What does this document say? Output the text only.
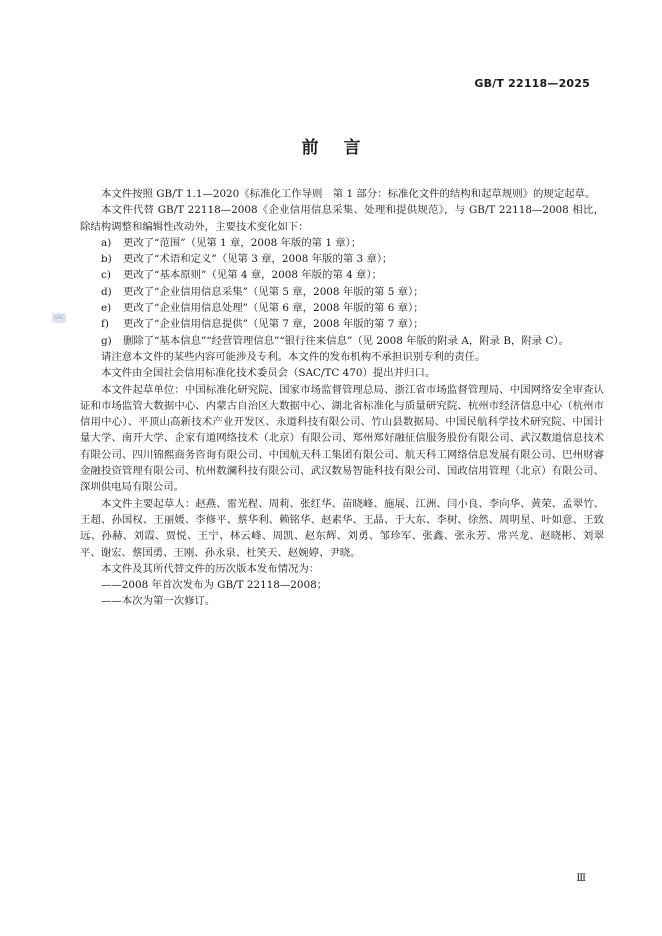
GB/T 22118—2025
前 言
SAC

本文件按照 GB/T 1.1—2020《标准化工作导则　第 1 部分：标准化文件的结构和起草规则》的规定起草。

本文件代替 GB/T 22118—2008《企业信用信息采集、处理和提供规范》，与 GB/T 22118—2008 相比，除结构调整和编辑性改动外，主要技术变化如下：

a) 更改了“范围”（见第 1 章，2008 年版的第 1 章）；

b) 更改了“术语和定义”（见第 3 章，2008 年版的第 3 章）；

c) 更改了“基本原则”（见第 4 章，2008 年版的第 4 章）；

d) 更改了“企业信用信息采集”（见第 5 章，2008 年版的第 5 章）；

e) 更改了“企业信用信息处理”（见第 6 章，2008 年版的第 6 章）；

f) 更改了“企业信用信息提供”（见第 7 章，2008 年版的第 7 章）；

g) 删除了“基本信息”“经营管理信息”“银行往来信息”（见 2008 年版的附录 A，附录 B，附录 C）。

请注意本文件的某些内容可能涉及专利。本文件的发布机构不承担识别专利的责任。

本文件由全国社会信用标准化技术委员会（SAC/TC 470）提出并归口。

本文件起草单位：中国标准化研究院、国家市场监督管理总局、浙江省市场监督管理局、中国网络安全审查认证和市场监管大数据中心、内蒙古自治区大数据中心、湖北省标准化与质量研究院、杭州市经济信息中心（杭州市信用中心）、平顶山高新技术产业开发区、永道科技有限公司、竹山县数据局、中国民航科学技术研究院、中国计量大学、南开大学、企家有道网络技术（北京）有限公司、郑州郑好融征信服务股份有限公司、武汉数道信息技术有限公司、四川锦熙商务咨询有限公司、中国航天科工集团有限公司、航天科工网络信息发展有限公司、巴州财睿金融投资管理有限公司、杭州数澜科技有限公司、武汉数易智能科技有限公司、国政信用管理（北京）有限公司、深圳供电局有限公司。

本文件主要起草人：赵燕、雷光程、周莉、张红华、苗晓峰、施展、江洲、闫小良、李向华、黄荣、孟翠竹、王超、孙国权、王丽媛、李修平、蔡华利、赖铭华、赵素华、王晶、于大东、李树、徐然、周明星、叶如意、王致远、孙赫、刘霞、贾悦、王宁、林云峰、周凯、赵东辉、刘勇、邹珍军、张鑫、张永芳、常兴龙、赵晓彬、刘翠平、谢宏、蔡国勇、王刚、孙永泉、杜笑天、赵婉婷、尹晓。

本文件及其所代替文件的历次版本发布情况为：

——2008 年首次发布为 GB/T 22118—2008；

——本次为第一次修订。

Ⅲ
